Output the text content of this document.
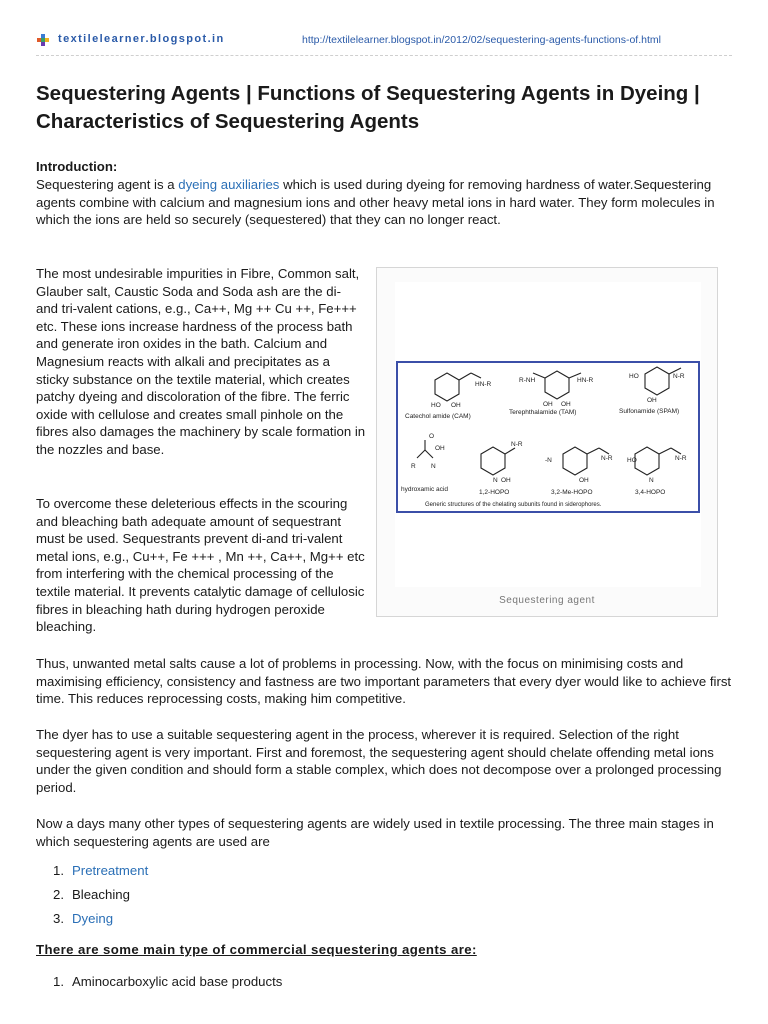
textilelearner.blogspot.in	http://textilelearner.blogspot.in/2012/02/sequestering-agents-functions-of.html
Sequestering Agents | Functions of Sequestering Agents in Dyeing | Characteristics of Sequestering Agents

Introduction:

Sequestering agent is a dyeing auxiliaries which is used during dyeing for removing hardness of water.Sequestering agents combine with calcium and magnesium ions and other heavy metal ions in hard water. They form molecules in which the ions are held so securely (sequestered) that they can no longer react.

The most undesirable impurities in Fibre, Common salt, Glauber salt, Caustic Soda and Soda ash are the di- and tri-valent cations, e.g., Ca++, Mg ++ Cu ++, Fe+++ etc. These ions increase hardness of the process bath and generate iron oxides in the bath. Calcium and Magnesium reacts with alkali and precipitates as a sticky substance on the textile material, which creates patchy dyeing and discoloration of the fibre. The ferric oxide with cellulose and creates small pinhole on the fibres also damages the machinery by scale formation in the nozzles and base.

To overcome these deleterious effects in the scouring and bleaching bath adequate amount of sequestrant must be used. Sequestrants prevent di-and tri-valent metal ions, e.g., Cu++, Fe +++ , Mn ++, Ca++, Mg++ etc from interfering with the chemical processing of the textile material. It prevents catalytic damage of cellulosic fibres in bleaching hath during hydrogen peroxide bleaching.

HO OH
HN-R
R-NH	HN-R
OH OH
HO	N-R
OH
R N
O
OH
N OH
N-R
-N
OH
N-R HO
N
N-R
Catechol amide (CAM)
Terephthalamide (TAM)	Sulfonamide (SPAM)
hydroxamic acid	1,2-HOPO	3,2-Me-HOPO	3,4-HOPO
Generic structures of the chelating subunits found in siderophores.
Sequestering agent

Thus, unwanted metal salts cause a lot of problems in processing. Now, with the focus on minimising costs and maximising efficiency, consistency and fastness are two important parameters that every dyer would like to achieve first time. This reduces reprocessing costs, making him competitive.

The dyer has to use a suitable sequestering agent in the process, wherever it is required. Selection of the right sequestering agent is very important. First and foremost, the sequestering agent should chelate offending metal ions under the given condition and should form a stable complex, which does not decompose over a prolonged processing period.

Now a days many other types of sequestering agents are widely used in textile processing. The three main stages in which sequestering agents are used are

1. Pretreatment
2. Bleaching
3. Dyeing

There are some main type of commercial sequestering agents are:

1. Aminocarboxylic acid base products
